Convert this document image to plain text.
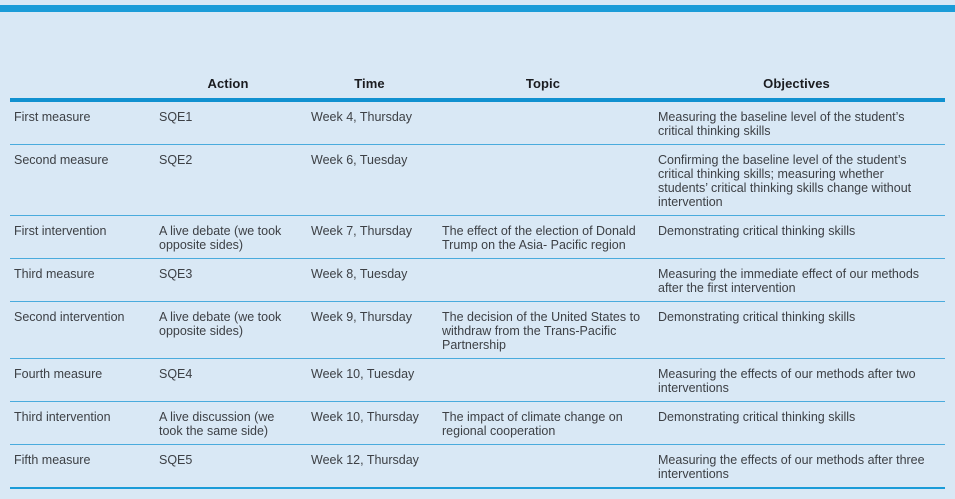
	Action	Time	Topic	Objectives
First measure	SQE1	Week 4, Thursday		Measuring the baseline level of the student’s critical thinking skills
Second measure	SQE2	Week 6, Tuesday		Confirming the baseline level of the student’s critical thinking skills; measuring whether students’ critical thinking skills change without intervention
First intervention	A live debate (we took opposite sides)	Week 7, Thursday	The effect of the election of Donald Trump on the Asia- Pacific region	Demonstrating critical thinking skills
Third measure	SQE3	Week 8, Tuesday		Measuring the immediate effect of our methods after the first intervention
Second intervention	A live debate (we took opposite sides)	Week 9, Thursday	The decision of the United States to withdraw from the Trans-Pacific Partnership	Demonstrating critical thinking skills
Fourth measure	SQE4	Week 10, Tuesday		Measuring the effects of our methods after two interventions
Third intervention	A live discussion (we took the same side)	Week 10, Thursday	The impact of climate change on regional cooperation	Demonstrating critical thinking skills
Fifth measure	SQE5	Week 12, Thursday		Measuring the effects of our methods after three interventions
